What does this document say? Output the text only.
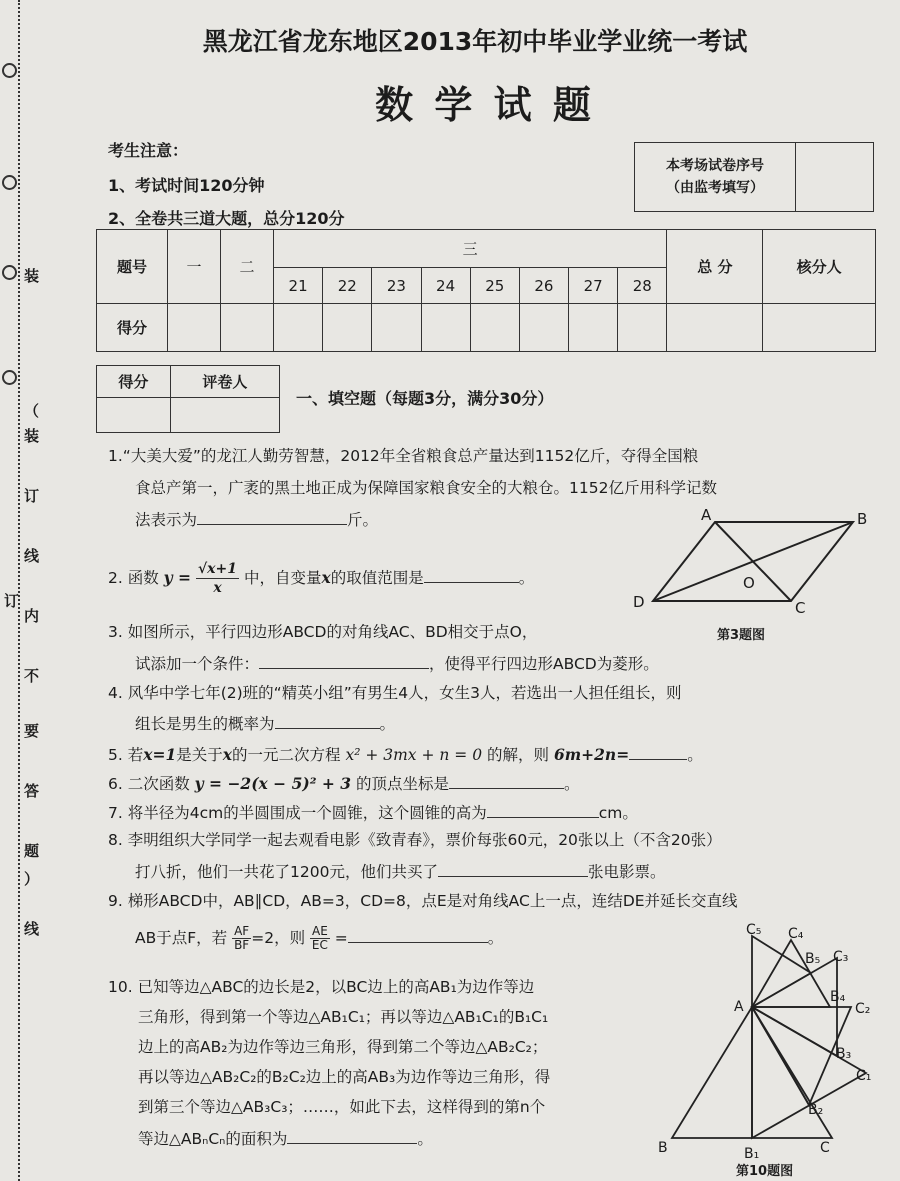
装
（
装
订
线
内
不
要
答
题
）
线
订
黑龙江省龙东地区2013年初中毕业学业统一考试
数 学 试 题
考生注意：
1、考试时间120分钟
2、全卷共三道大题，总分120分
本考场试卷序号
（由监考填写）

题号	一	二	三								总 分	核分人
			21	22	23	24	25	26	27	28		
得分												
得分	评卷人

一、填空题（每题3分，满分30分）
1.“大美大爱”的龙江人勤劳智慧，2012年全省粮食总产量达到1152亿斤，夺得全国粮
食总产第一，广袤的黑土地正成为保障国家粮食安全的大粮仓。1152亿斤用科学记数
法表示为	斤。
2. 函数 $y = \frac{√x+1}{x}$ 中，自变量x的取值范围是	。
3. 如图所示，平行四边形ABCD的对角线AC、BD相交于点O，
试添加一个条件：	，使得平行四边形ABCD为菱形。
4. 风华中学七年(2)班的“精英小组”有男生4人，女生3人，若选出一人担任组长，则
组长是男生的概率为	。
5. 若x=1是关于x的一元二次方程 x² + 3mx + n = 0 的解，则 6m+2n=	。
6. 二次函数 y = −2(x − 5)² + 3 的顶点坐标是	。
7. 将半径为4cm的半圆围成一个圆锥，这个圆锥的高为	cm。
8. 李明组织大学同学一起去观看电影《致青春》，票价每张60元，20张以上（不含20张）
打八折，他们一共花了1200元，他们共买了	张电影票。
9. 梯形ABCD中，AB∥CD，AB=3，CD=8，点E是对角线AC上一点，连结DE并延长交直线
AB于点F，若 $\frac{AF}{BF} =2$，则 $\frac{AE}{EC}$ =	。
10. 已知等边△ABC的边长是2，以BC边上的高AB₁为边作等边
三角形，得到第一个等边△AB₁C₁；再以等边△AB₁C₁的B₁C₁
边上的高AB₂为边作等边三角形，得到第二个等边△AB₂C₂；
再以等边△AB₂C₂的B₂C₂边上的高AB₃为边作等边三角形，得
到第三个等边△AB₃C₃；……，如此下去，这样得到的第n个
等边△ABₙCₙ的面积为	。
A	B
C
D
O
第3题图
A
B	C
B₁
B₂
B₃
B₄
B₅
C₁
C₂
C₃
C₄
C₅
第10题图
